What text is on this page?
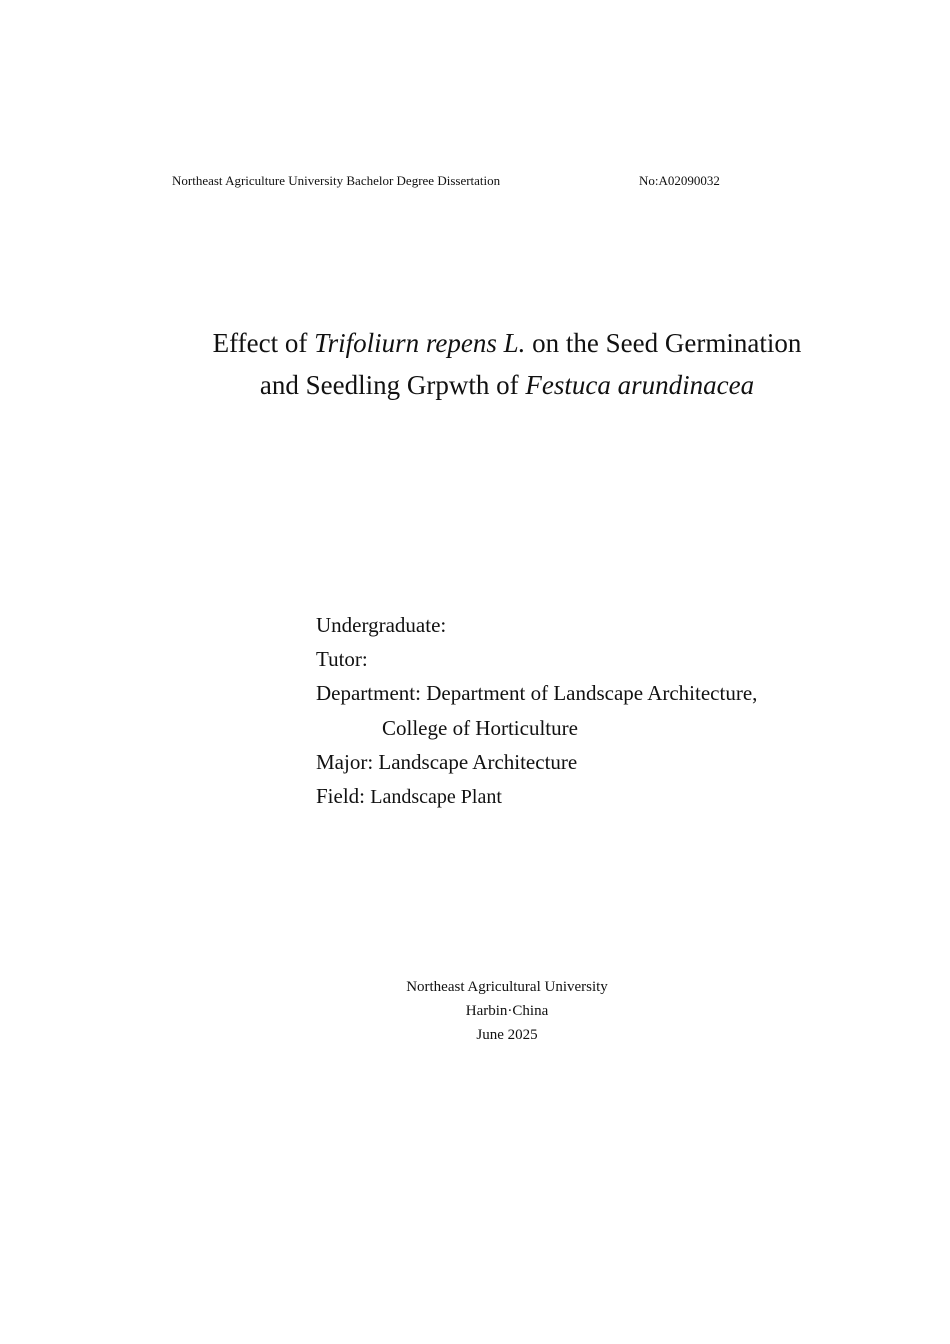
Northeast Agriculture University Bachelor Degree Dissertation	No:A02090032
Effect of Trifoliurn repens L. on the Seed Germination
and Seedling Grpwth of Festuca arundinacea
Undergraduate:
Tutor:
Department: Department of Landscape Architecture,
College of Horticulture
Major: Landscape Architecture
Field: Landscape Plant
Northeast Agricultural University
Harbin·China
June 2025
